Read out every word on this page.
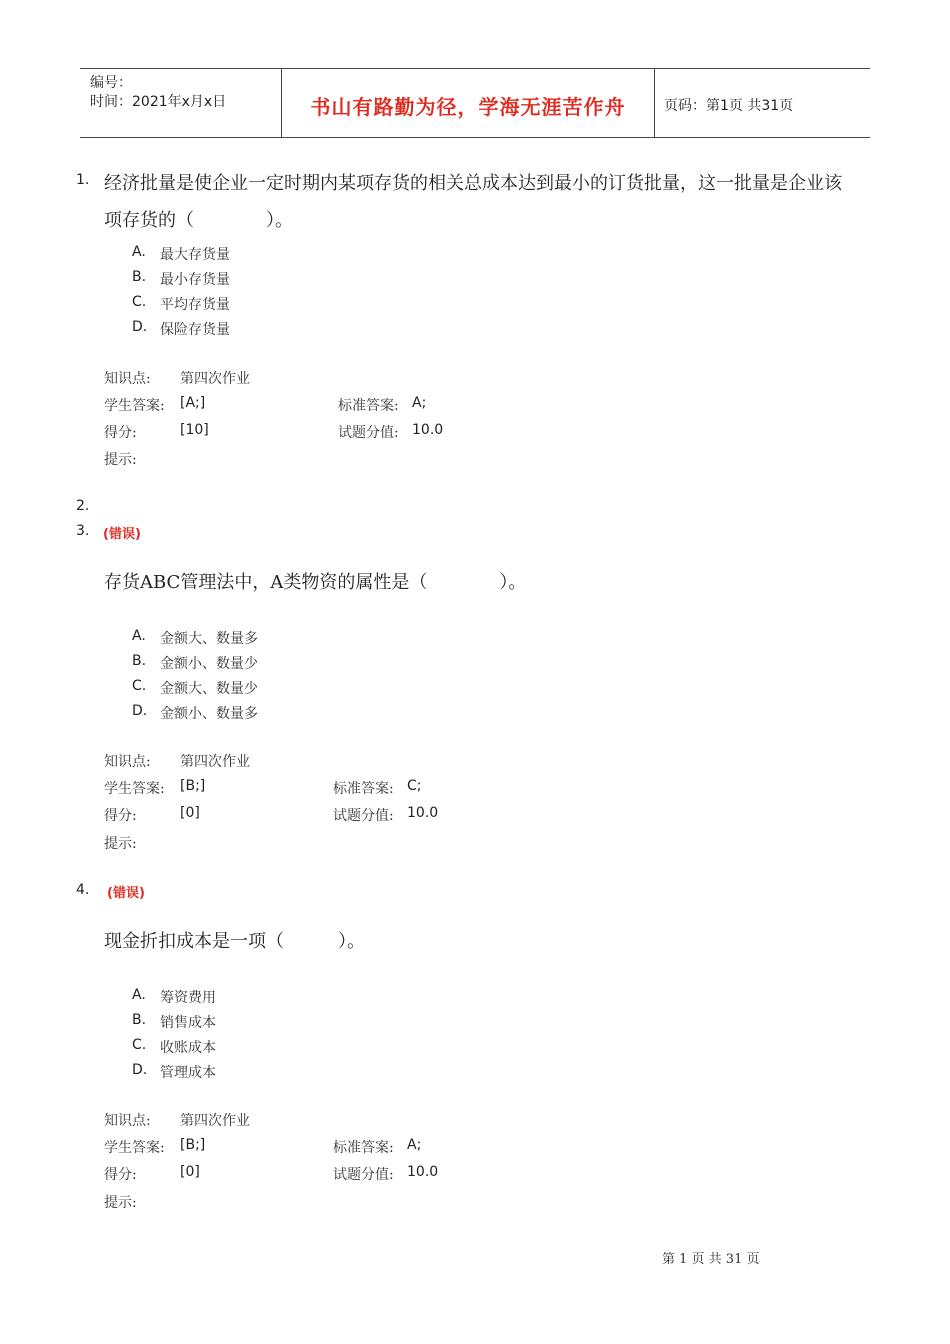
编号：
时间：2021年x月x日	书山有路勤为径，学海无涯苦作舟	页码：第1页 共31页
1. 经济批量是使企业一定时期内某项存货的相关总成本达到最小的订货批量，这一批量是企业该
项存货的（　　　　）。
A. 最大存货量
B. 最小存货量
C. 平均存货量
D. 保险存货量
知识点: 第四次作业
学生答案: [A;]	标准答案: A;
得分:	[10]	试题分值: 10.0
提示:
2.
3. (错误)
存货ABC管理法中，A类物资的属性是（　　　　）。
A. 金额大、数量多
B. 金额小、数量少
C. 金额大、数量少
D. 金额小、数量多
知识点: 第四次作业
学生答案: [B;]	标准答案: C;
得分:	[0]	试题分值: 10.0
提示:
4. (错误)
现金折扣成本是一项（　　　）。
A. 筹资费用
B. 销售成本
C. 收账成本
D. 管理成本
知识点: 第四次作业
学生答案: [B;]	标准答案: A;
得分:	[0]	试题分值: 10.0
提示:
第 1 页 共 31 页
